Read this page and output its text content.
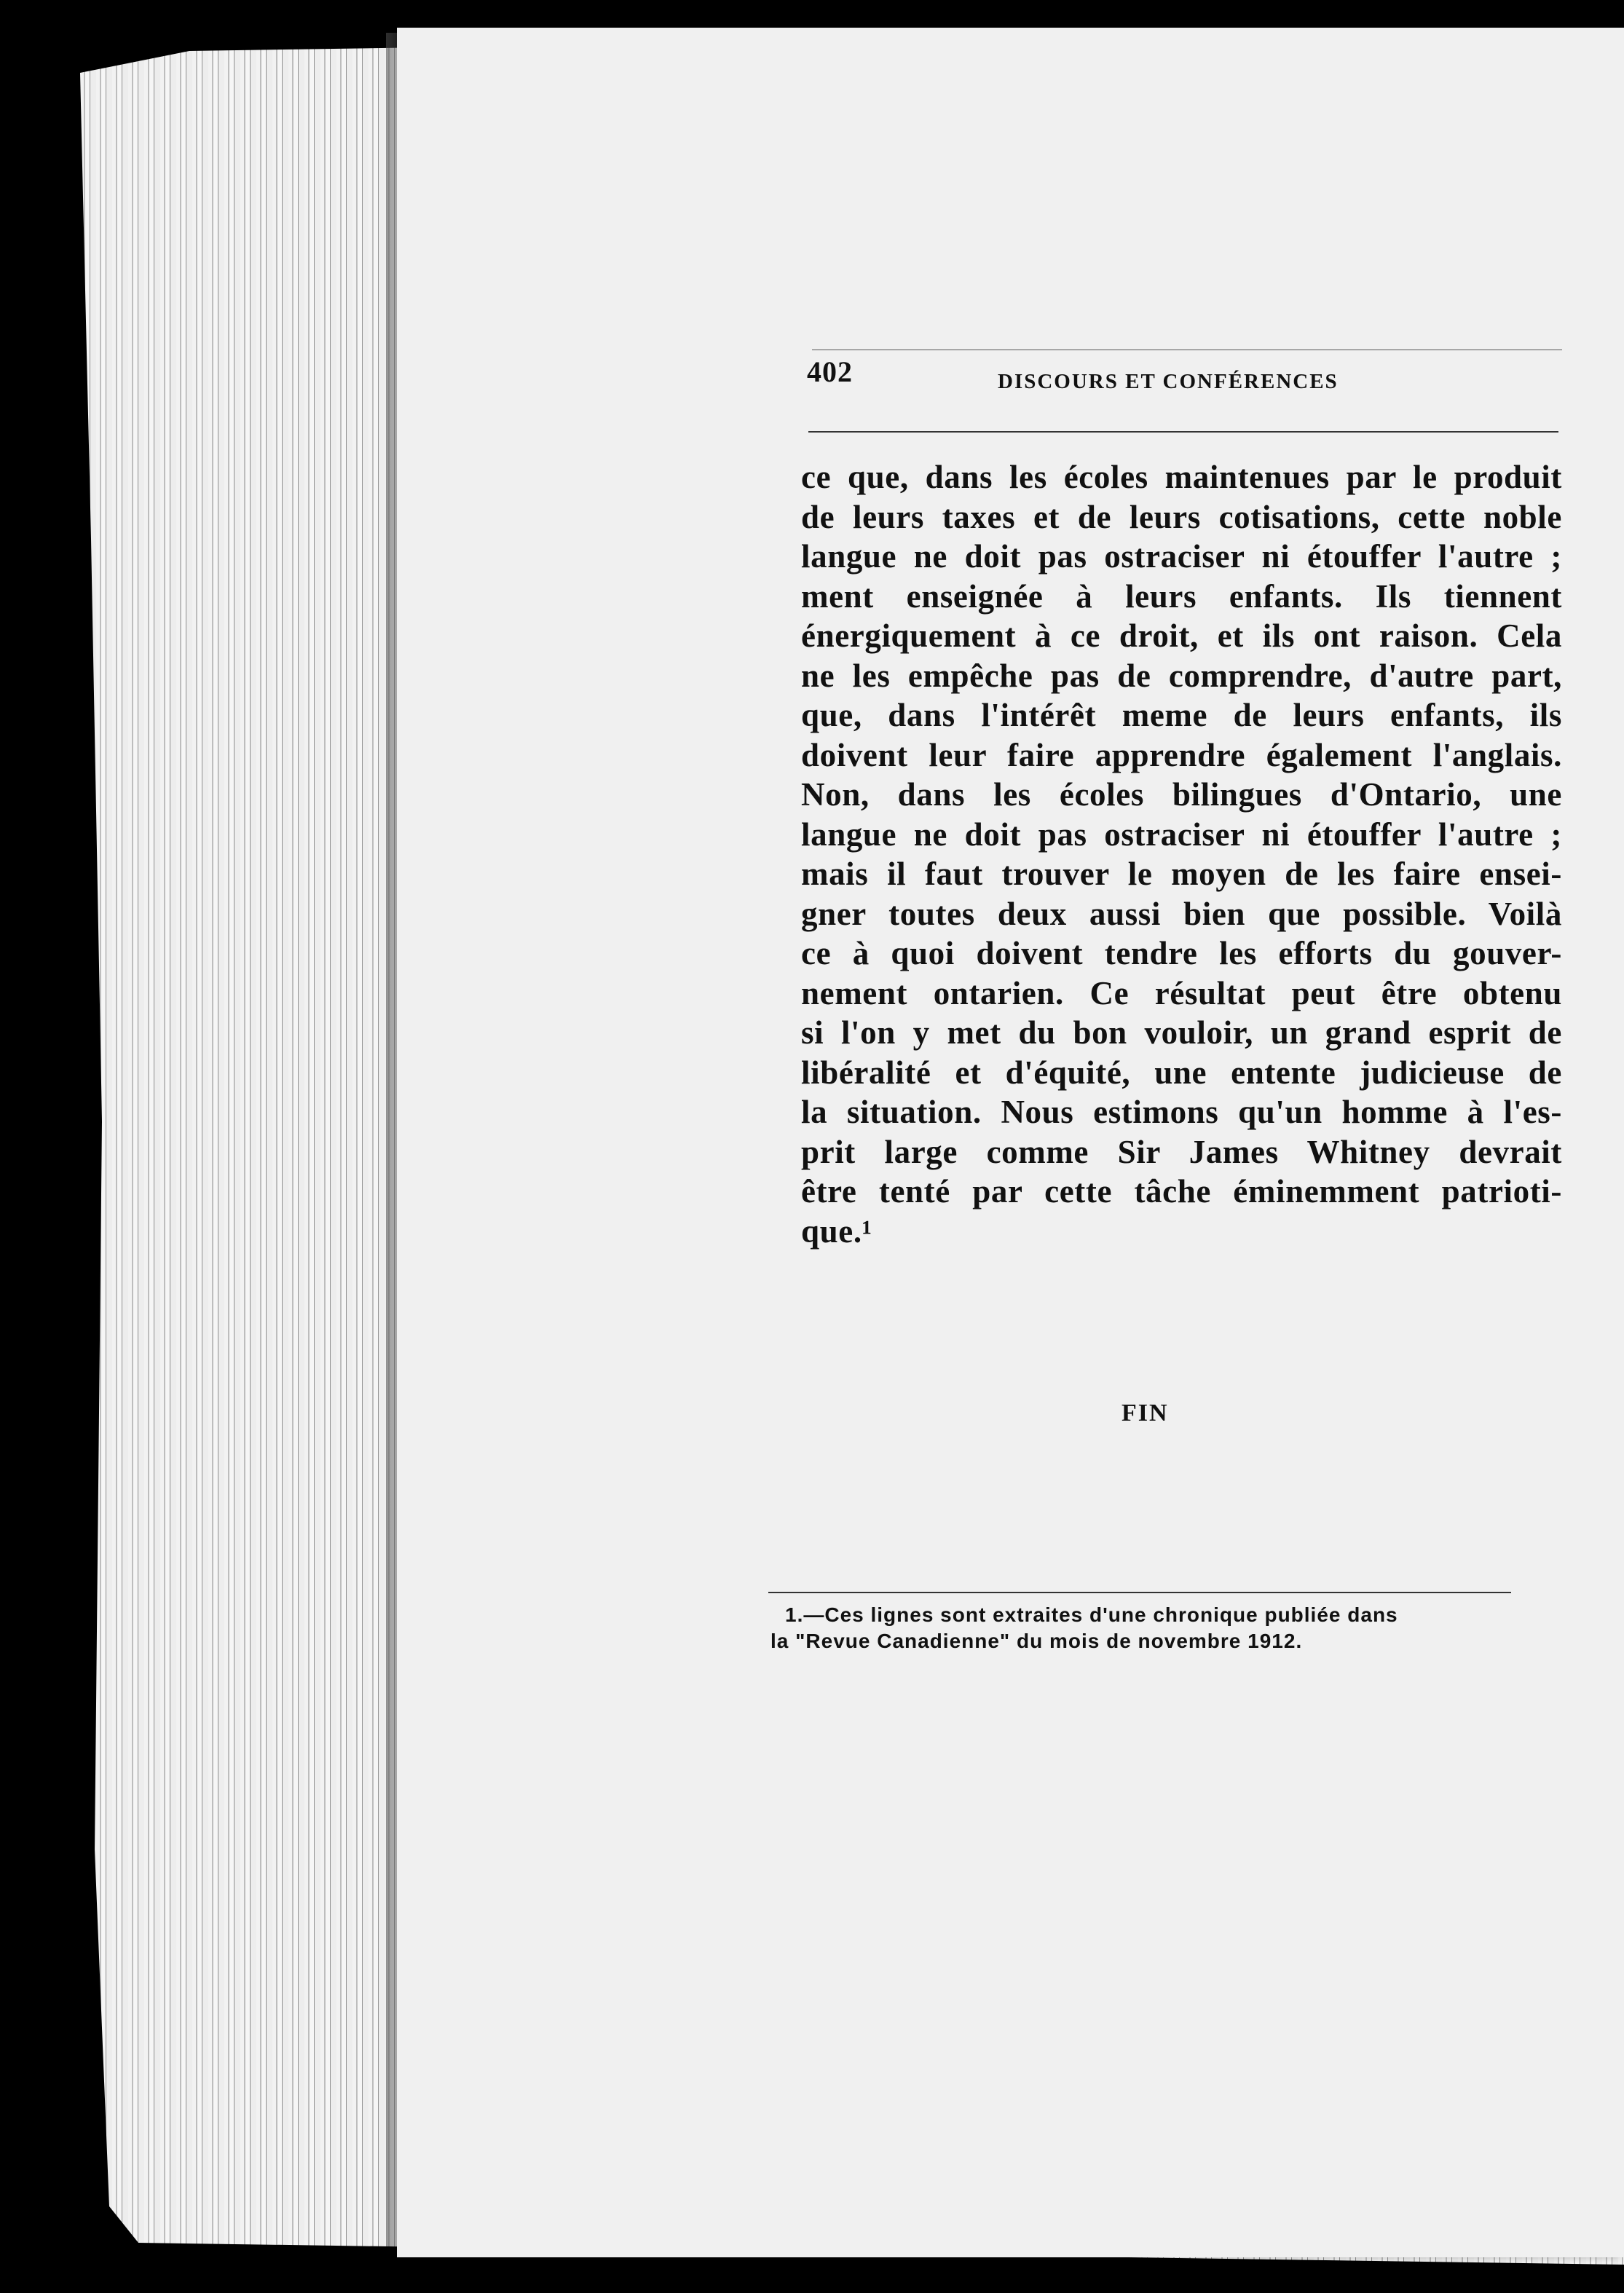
402	DISCOURS ET CONFÉRENCES
ce que, dans les écoles maintenues par le produit
de leurs taxes et de leurs cotisations, cette noble
langue ne doit pas ostraciser ni étouffer l'autre ;
ment enseignée à leurs enfants. Ils tiennent
énergiquement à ce droit, et ils ont raison. Cela
ne les empêche pas de comprendre, d'autre part,
que, dans l'intérêt meme de leurs enfants, ils
doivent leur faire apprendre également l'anglais.
Non, dans les écoles bilingues d'Ontario, une
langue ne doit pas ostraciser ni étouffer l'autre ;
mais il faut trouver le moyen de les faire ensei-
gner toutes deux aussi bien que possible. Voilà
ce à quoi doivent tendre les efforts du gouver-
nement ontarien. Ce résultat peut être obtenu
si l'on y met du bon vouloir, un grand esprit de
libéralité et d'équité, une entente judicieuse de
la situation. Nous estimons qu'un homme à l'es-
prit large comme Sir James Whitney devrait
être tenté par cette tâche éminemment patrioti-
que.¹
FIN
1.—Ces lignes sont extraites d'une chronique publiée dans
la "Revue Canadienne" du mois de novembre 1912.
